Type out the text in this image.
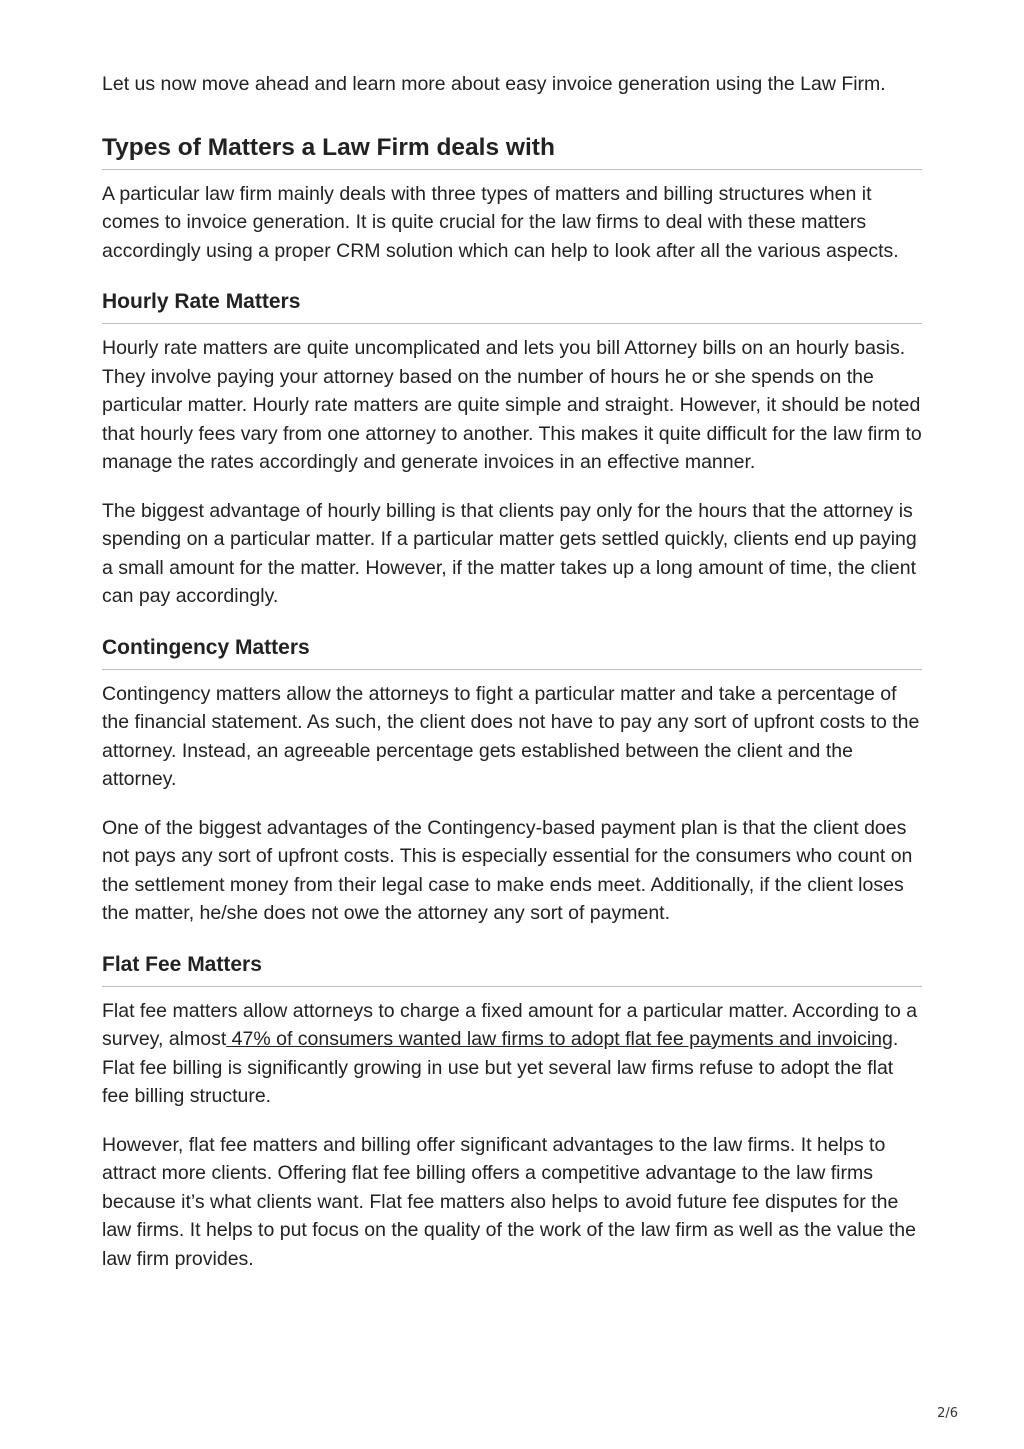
Let us now move ahead and learn more about easy invoice generation using the Law Firm.

Types of Matters a Law Firm deals with

A particular law firm mainly deals with three types of matters and billing structures when it comes to invoice generation. It is quite crucial for the law firms to deal with these matters accordingly using a proper CRM solution which can help to look after all the various aspects.

Hourly Rate Matters

Hourly rate matters are quite uncomplicated and lets you bill Attorney bills on an hourly basis. They involve paying your attorney based on the number of hours he or she spends on the particular matter. Hourly rate matters are quite simple and straight. However, it should be noted that hourly fees vary from one attorney to another. This makes it quite difficult for the law firm to manage the rates accordingly and generate invoices in an effective manner.

The biggest advantage of hourly billing is that clients pay only for the hours that the attorney is spending on a particular matter. If a particular matter gets settled quickly, clients end up paying a small amount for the matter. However, if the matter takes up a long amount of time, the client can pay accordingly.

Contingency Matters

Contingency matters allow the attorneys to fight a particular matter and take a percentage of the financial statement. As such, the client does not have to pay any sort of upfront costs to the attorney. Instead, an agreeable percentage gets established between the client and the attorney.

One of the biggest advantages of the Contingency-based payment plan is that the client does not pays any sort of upfront costs. This is especially essential for the consumers who count on the settlement money from their legal case to make ends meet. Additionally, if the client loses the matter, he/she does not owe the attorney any sort of payment.

Flat Fee Matters

Flat fee matters allow attorneys to charge a fixed amount for a particular matter. According to a survey, almost 47% of consumers wanted law firms to adopt flat fee payments and invoicing. Flat fee billing is significantly growing in use but yet several law firms refuse to adopt the flat fee billing structure.

However, flat fee matters and billing offer significant advantages to the law firms. It helps to attract more clients. Offering flat fee billing offers a competitive advantage to the law firms because it’s what clients want. Flat fee matters also helps to avoid future fee disputes for the law firms. It helps to put focus on the quality of the work of the law firm as well as the value the law firm provides.

2/6
